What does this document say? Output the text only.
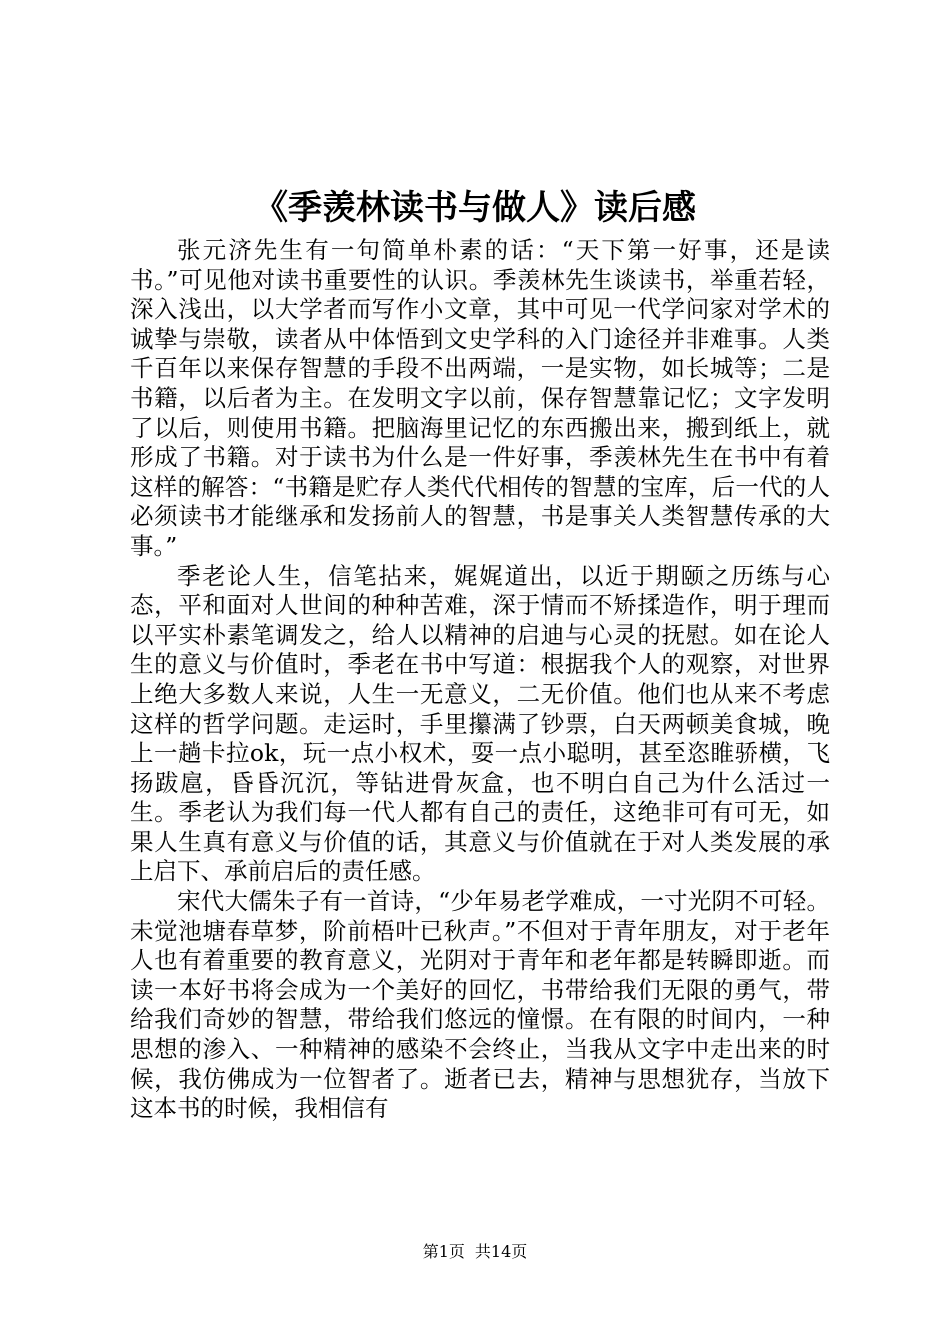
《季羡林读书与做人》读后感

张元济先生有一句简单朴素的话：“天下第一好事，还是读书。”可见他对读书重要性的认识。季羡林先生谈读书，举重若轻，深入浅出，以大学者而写作小文章，其中可见一代学问家对学术的诚挚与崇敬，读者从中体悟到文史学科的入门途径并非难事。人类千百年以来保存智慧的手段不出两端，一是实物，如长城等；二是书籍，以后者为主。在发明文字以前，保存智慧靠记忆；文字发明了以后，则使用书籍。把脑海里记忆的东西搬出来，搬到纸上，就形成了书籍。对于读书为什么是一件好事，季羡林先生在书中有着这样的解答：“书籍是贮存人类代代相传的智慧的宝库，后一代的人必须读书才能继承和发扬前人的智慧，书是事关人类智慧传承的大事。”

季老论人生，信笔拈来，娓娓道出，以近于期颐之历练与心态，平和面对人世间的种种苦难，深于情而不矫揉造作，明于理而以平实朴素笔调发之，给人以精神的启迪与心灵的抚慰。如在论人生的意义与价值时，季老在书中写道：根据我个人的观察，对世界上绝大多数人来说，人生一无意义，二无价值。他们也从来不考虑这样的哲学问题。走运时，手里攥满了钞票，白天两顿美食城，晚上一趟卡拉ok，玩一点小权术，耍一点小聪明，甚至恣睢骄横，飞扬跋扈，昏昏沉沉，等钻进骨灰盒，也不明白自己为什么活过一生。季老认为我们每一代人都有自己的责任，这绝非可有可无，如果人生真有意义与价值的话，其意义与价值就在于对人类发展的承上启下、承前启后的责任感。

宋代大儒朱子有一首诗，“少年易老学难成，一寸光阴不可轻。未觉池塘春草梦，阶前梧叶已秋声。”不但对于青年朋友，对于老年人也有着重要的教育意义，光阴对于青年和老年都是转瞬即逝。而读一本好书将会成为一个美好的回忆，书带给我们无限的勇气，带给我们奇妙的智慧，带给我们悠远的憧憬。在有限的时间内，一种思想的渗入、一种精神的感染不会终止，当我从文字中走出来的时候，我仿佛成为一位智者了。逝者已去，精神与思想犹存，当放下这本书的时候，我相信有

第1页 共14页
